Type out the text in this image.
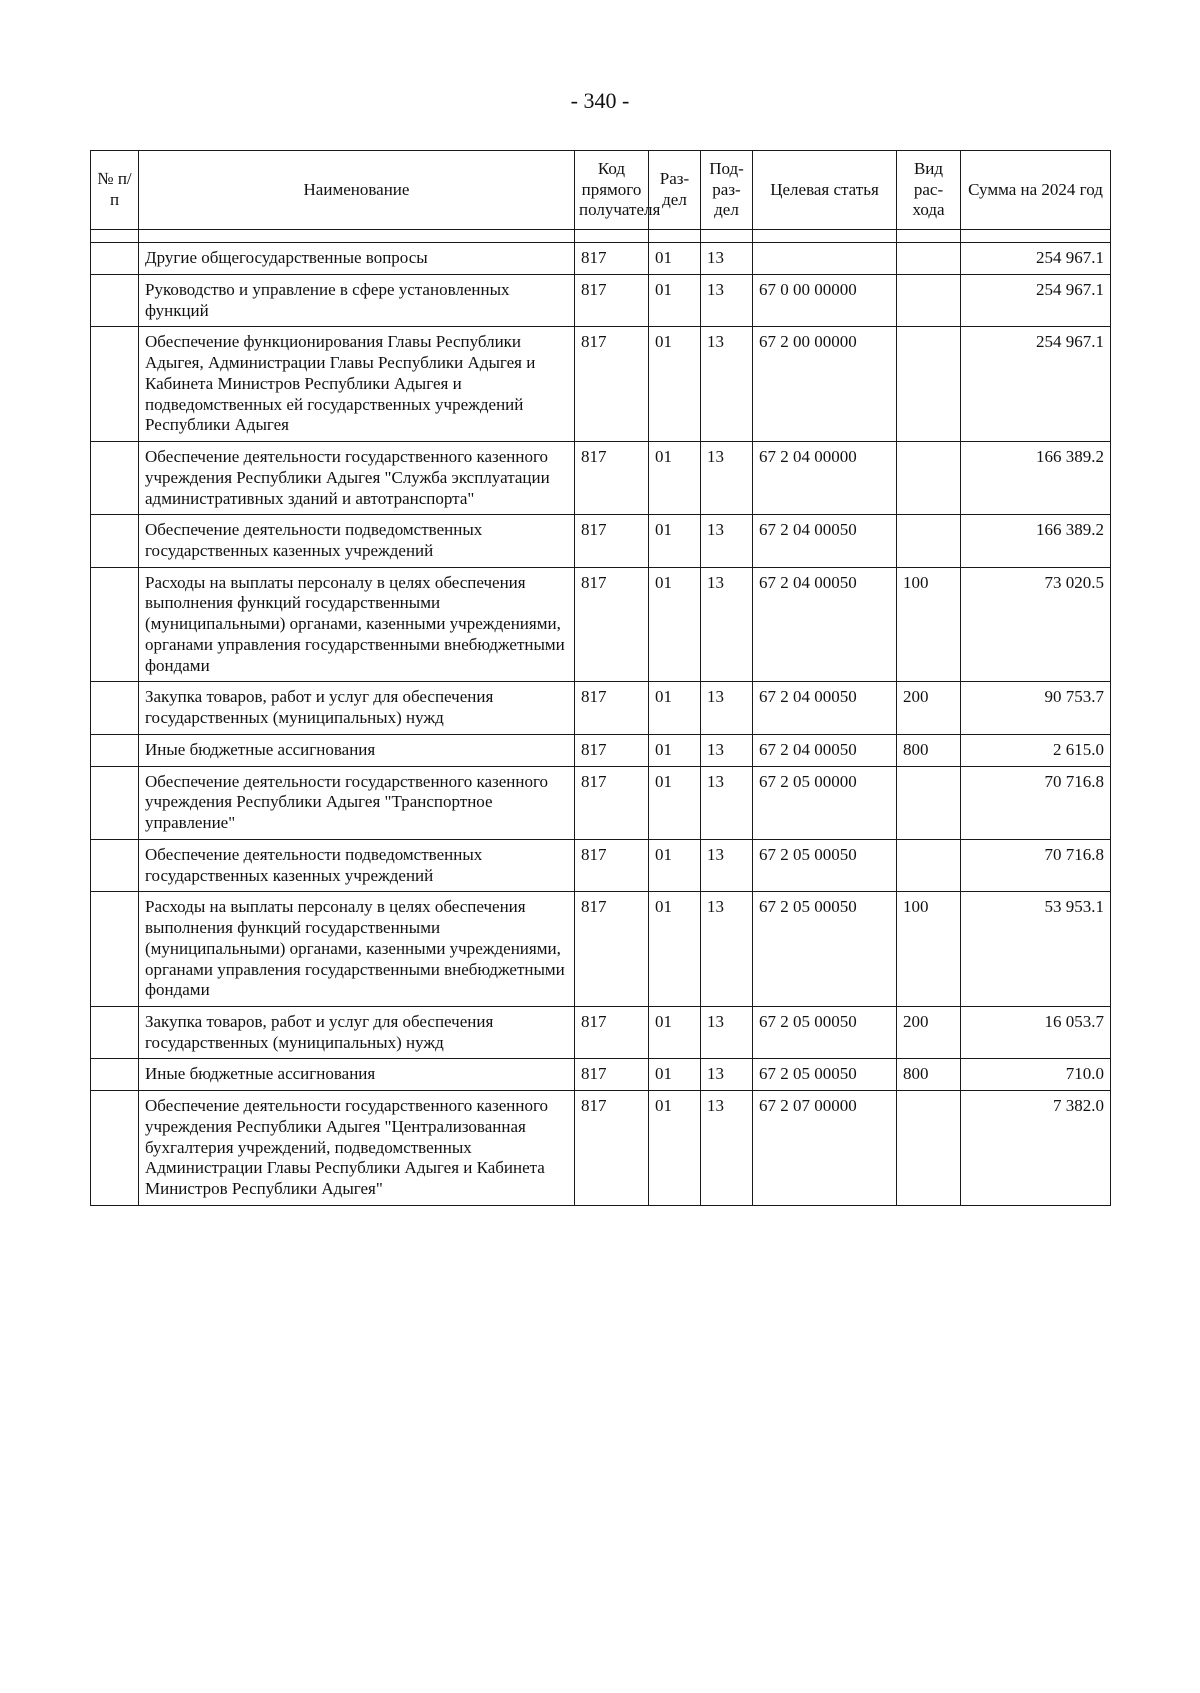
- 340 -
№ п/п	Наименование	Код прямого получателя	Раз- дел	Под- раз- дел	Целевая статья	Вид рас- хода	Сумма на 2024 год

	Другие общегосударственные вопросы	817	01	13			254 967.1
	Руководство и управление в сфере установленных функций	817	01	13	67 0 00 00000		254 967.1
	Обеспечение функционирования Главы Республики Адыгея, Администрации Главы Республики Адыгея и Кабинета Министров Республики Адыгея и подведомственных ей государственных учреждений Республики Адыгея	817	01	13	67 2 00 00000		254 967.1
	Обеспечение деятельности государственного казенного учреждения Республики Адыгея "Служба эксплуатации административных зданий и автотранспорта"	817	01	13	67 2 04 00000		166 389.2
	Обеспечение деятельности подведомственных государственных казенных учреждений	817	01	13	67 2 04 00050		166 389.2
	Расходы на выплаты персоналу в целях обеспечения выполнения функций государственными (муниципальными) органами, казенными учреждениями, органами управления государственными внебюджетными фондами	817	01	13	67 2 04 00050	100	73 020.5
	Закупка товаров, работ и услуг для обеспечения государственных (муниципальных) нужд	817	01	13	67 2 04 00050	200	90 753.7
	Иные бюджетные ассигнования	817	01	13	67 2 04 00050	800	2 615.0
	Обеспечение деятельности государственного казенного учреждения Республики Адыгея "Транспортное управление"	817	01	13	67 2 05 00000		70 716.8
	Обеспечение деятельности подведомственных государственных казенных учреждений	817	01	13	67 2 05 00050		70 716.8
	Расходы на выплаты персоналу в целях обеспечения выполнения функций государственными (муниципальными) органами, казенными учреждениями, органами управления государственными внебюджетными фондами	817	01	13	67 2 05 00050	100	53 953.1
	Закупка товаров, работ и услуг для обеспечения государственных (муниципальных) нужд	817	01	13	67 2 05 00050	200	16 053.7
	Иные бюджетные ассигнования	817	01	13	67 2 05 00050	800	710.0
	Обеспечение деятельности государственного казенного учреждения Республики Адыгея "Централизованная бухгалтерия учреждений, подведомственных Администрации Главы Республики Адыгея и Кабинета Министров Республики Адыгея"	817	01	13	67 2 07 00000		7 382.0
